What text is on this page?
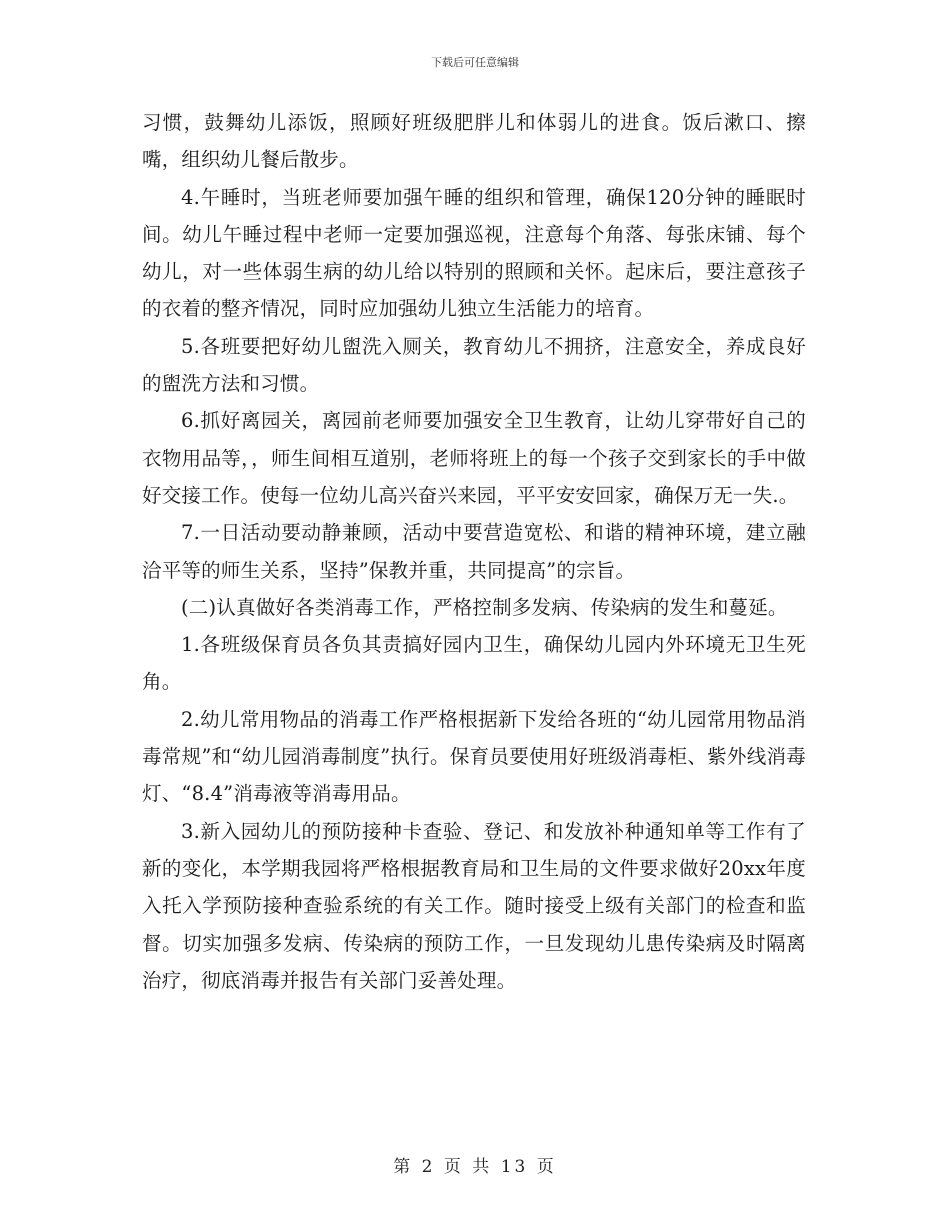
下载后可任意编辑

习惯，鼓舞幼儿添饭，照顾好班级肥胖儿和体弱儿的进食。饭后漱口、擦嘴，组织幼儿餐后散步。

4.午睡时，当班老师要加强午睡的组织和管理，确保120分钟的睡眠时间。幼儿午睡过程中老师一定要加强巡视，注意每个角落、每张床铺、每个幼儿，对一些体弱生病的幼儿给以特别的照顾和关怀。起床后，要注意孩子的衣着的整齐情况，同时应加强幼儿独立生活能力的培育。

5.各班要把好幼儿盥洗入厕关，教育幼儿不拥挤，注意安全，养成良好的盥洗方法和习惯。

6.抓好离园关，离园前老师要加强安全卫生教育，让幼儿穿带好自己的衣物用品等，，师生间相互道别，老师将班上的每一个孩子交到家长的手中做好交接工作。使每一位幼儿高兴奋兴来园，平平安安回家，确保万无一失.。

7.一日活动要动静兼顾，活动中要营造宽松、和谐的精神环境，建立融洽平等的师生关系，坚持”保教并重，共同提高”的宗旨。

(二)认真做好各类消毒工作，严格控制多发病、传染病的发生和蔓延。

1.各班级保育员各负其责搞好园内卫生，确保幼儿园内外环境无卫生死角。

2.幼儿常用物品的消毒工作严格根据新下发给各班的“幼儿园常用物品消毒常规”和“幼儿园消毒制度”执行。保育员要使用好班级消毒柜、紫外线消毒灯、“8.4”消毒液等消毒用品。

3.新入园幼儿的预防接种卡查验、登记、和发放补种通知单等工作有了新的变化，本学期我园将严格根据教育局和卫生局的文件要求做好20xx年度入托入学预防接种查验系统的有关工作。随时接受上级有关部门的检查和监督。切实加强多发病、传染病的预防工作，一旦发现幼儿患传染病及时隔离治疗，彻底消毒并报告有关部门妥善处理。

第 2 页 共 13 页
